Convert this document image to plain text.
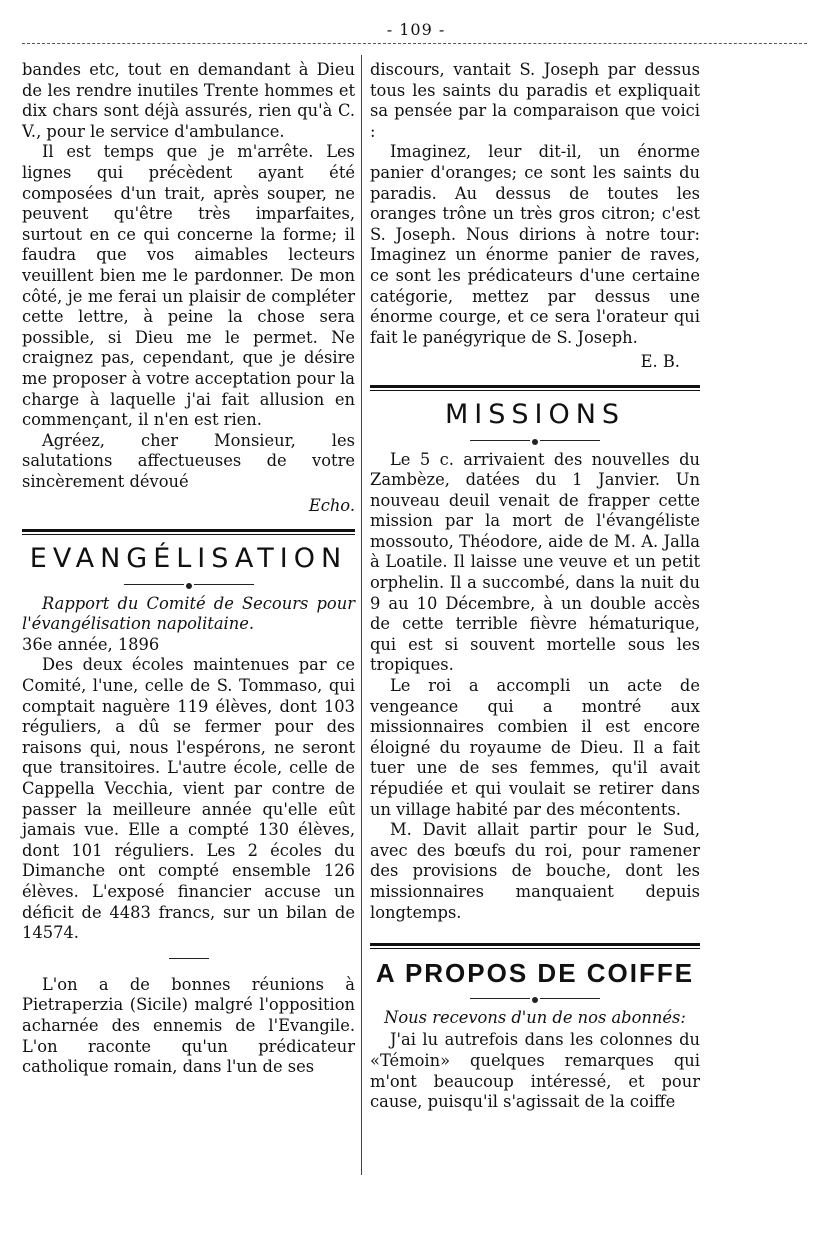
- 109 -

bandes etc, tout en demandant à Dieu de les rendre inutiles Trente hommes et dix chars sont déjà assurés, rien qu'à C. V., pour le service d'ambulance.

Il est temps que je m'arrête. Les lignes qui précèdent ayant été composées d'un trait, après souper, ne peuvent qu'être très imparfaites, surtout en ce qui concerne la forme; il faudra que vos aimables lecteurs veuillent bien me le pardonner. De mon côté, je me ferai un plaisir de compléter cette lettre, à peine la chose sera possible, si Dieu me le permet. Ne craignez pas, cependant, que je désire me proposer à votre acceptation pour la charge à laquelle j'ai fait allusion en commençant, il n'en est rien.

Agréez, cher Monsieur, les salutations affectueuses de votre sincèrement dévoué

Echo.

EVANGÉLISATION

Rapport du Comité de Secours pour l'évangélisation napolitaine.

36e année, 1896

Des deux écoles maintenues par ce Comité, l'une, celle de S. Tommaso, qui comptait naguère 119 élèves, dont 103 réguliers, a dû se fermer pour des raisons qui, nous l'espérons, ne seront que transitoires. L'autre école, celle de Cappella Vecchia, vient par contre de passer la meilleure année qu'elle eût jamais vue. Elle a compté 130 élèves, dont 101 réguliers. Les 2 écoles du Dimanche ont compté ensemble 126 élèves. L'exposé financier accuse un déficit de 4483 francs, sur un bilan de 14574.

L'on a de bonnes réunions à Pietraperzia (Sicile) malgré l'opposition acharnée des ennemis de l'Evangile. L'on raconte qu'un prédicateur catholique romain, dans l'un de ses

discours, vantait S. Joseph par dessus tous les saints du paradis et expliquait sa pensée par la comparaison que voici :

Imaginez, leur dit-il, un énorme panier d'oranges; ce sont les saints du paradis. Au dessus de toutes les oranges trône un très gros citron; c'est S. Joseph. Nous dirions à notre tour: Imaginez un énorme panier de raves, ce sont les prédicateurs d'une certaine catégorie, mettez par dessus une énorme courge, et ce sera l'orateur qui fait le panégyrique de S. Joseph.

E. B.

MISSIONS

Le 5 c. arrivaient des nouvelles du Zambèze, datées du 1 Janvier. Un nouveau deuil venait de frapper cette mission par la mort de l'évangéliste mossouto, Théodore, aide de M. A. Jalla à Loatile. Il laisse une veuve et un petit orphelin. Il a succombé, dans la nuit du 9 au 10 Décembre, à un double accès de cette terrible fièvre hématurique, qui est si souvent mortelle sous les tropiques.

Le roi a accompli un acte de vengeance qui a montré aux missionnaires combien il est encore éloigné du royaume de Dieu. Il a fait tuer une de ses femmes, qu'il avait répudiée et qui voulait se retirer dans un village habité par des mécontents.

M. Davit allait partir pour le Sud, avec des bœufs du roi, pour ramener des provisions de bouche, dont les missionnaires manquaient depuis longtemps.

A PROPOS DE COIFFE

Nous recevons d'un de nos abonnés:

J'ai lu autrefois dans les colonnes du «Témoin» quelques remarques qui m'ont beaucoup intéressé, et pour cause, puisqu'il s'agissait de la coiffe
